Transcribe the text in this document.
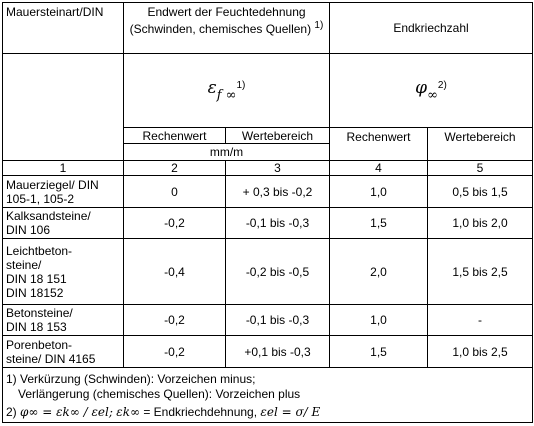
Mauersteinart/DIN	Endwert der Feuchtedehnung (Schwinden, chemisches Quellen) $^{1)}$		Endkriechzahl	
	εf ∞$^{1)}$		φ∞$^{2)}$
	Rechenwert	Wertebereich	Rechenwert	Wertebereich
	mm/m			
1	2	3	4	5
Mauerziegel/ DIN
105-1, 105-2	0	+ 0,3 bis -0,2	1,0	0,5 bis 1,5
Kalksandsteine/
DIN 106	-0,2	-0,1 bis -0,3	1,5	1,0 bis 2,0
Leichtbeton-
steine/
DIN 18 151
DIN 18152	-0,4	-0,2 bis -0,5	2,0	1,5 bis 2,5
Betonsteine/
DIN 18 153	-0,2	-0,1 bis -0,3	1,0	-
Porenbeton-
steine/ DIN 4165	-0,2	+0,1 bis -0,3	1,5	1,0 bis 2,5

1) Verkürzung (Schwinden): Vorzeichen minus;
Verlängerung (chemisches Quellen): Vorzeichen plus
2) φ∞ = εk∞ / εel; εk∞ = Endkriechdehnung, εel = σ/ E				
